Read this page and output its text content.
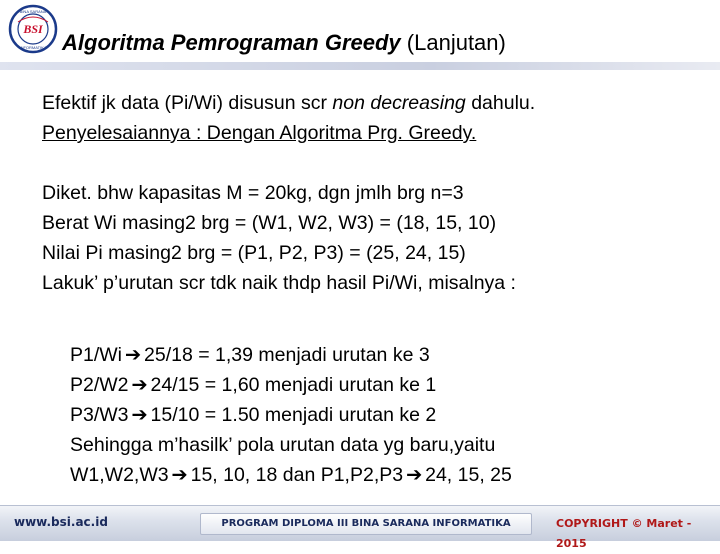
BSI
BINA SARANA
INFORMATIKA Algoritma Pemrograman Greedy (Lanjutan)
Efektif jk data (Pi/Wi) disusun scr non decreasing dahulu.
Penyelesaiannya : Dengan Algoritma Prg. Greedy.
Diket. bhw kapasitas M = 20kg, dgn jmlh brg n=3
Berat Wi masing2 brg = (W1, W2, W3) = (18, 15, 10)
Nilai Pi masing2 brg = (P1, P2, P3) = (25, 24, 15)
Lakuk’ p’urutan scr tdk naik thdp hasil Pi/Wi, misalnya :
P1/Wi ➔ 25/18 = 1,39 menjadi urutan ke 3
P2/W2 ➔ 24/15 = 1,60 menjadi urutan ke 1
P3/W3 ➔ 15/10 = 1.50 menjadi urutan ke 2
Sehingga m’hasilk’ pola urutan data yg baru,yaitu
W1,W2,W3 ➔ 15, 10, 18 dan P1,P2,P3 ➔ 24, 15, 25
www.bsi.ac.id	PROGRAM DIPLOMA III BINA SARANA INFORMATIKA	COPYRIGHT © Maret - 2015
